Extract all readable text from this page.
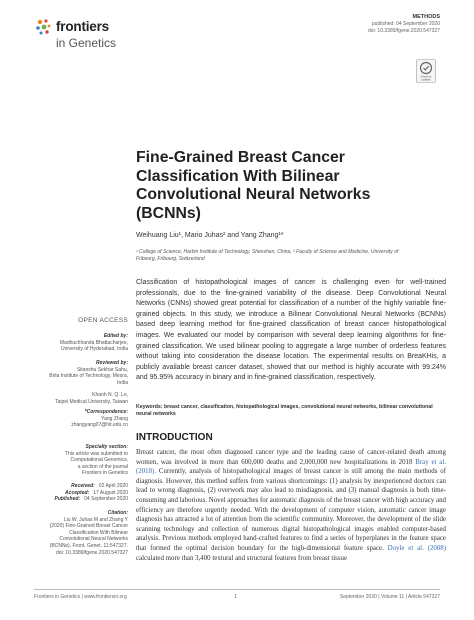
frontiers
in Genetics
METHODS
published: 04 September 2020
doi: 10.3389/fgene.2020.547327
Check for
updates
Fine-Grained Breast Cancer Classification With Bilinear Convolutional Neural Networks (BCNNs)
Weihuang Liu¹, Mario Juhas² and Yang Zhang¹*
¹ College of Science, Harbin Institute of Technology, Shenzhen, China, ² Faculty of Science and Medicine, University of Fribourg, Fribourg, Switzerland
OPEN ACCESS
Edited by:
Madhuchhanda Bhattacharjee,
University of Hyderabad, India
Reviewed by:
Sitanshu Sekhar Sahu,
Birla Institute of Technology, Mesra,
India
Khanh N. Q. Le,
Taipei Medical University, Taiwan
*Correspondence:
Yang Zhang
zhangyang07@hit.edu.cn
Specialty section:
This article was submitted to
Computational Genomics,
a section of the journal
Frontiers in Genetics
Received: 02 April 2020
Accepted: 17 August 2020
Published: 04 September 2020
Citation:
Liu W, Juhas M and Zhang Y
(2020) Fine-Grained Breast Cancer
Classification With Bilinear
Convolutional Neural Networks
(BCNNs). Front. Genet. 11:547327.
doi: 10.3389/fgene.2020.547327

Classification of histopathological images of cancer is challenging even for well-trained professionals, due to the fine-grained variability of the disease. Deep Convolutional Neural Networks (CNNs) showed great potential for classification of a number of the highly variable fine-grained objects. In this study, we introduce a Bilinear Convolutional Neural Networks (BCNNs) based deep learning method for fine-grained classification of breast cancer histopathological images. We evaluated our model by comparison with several deep learning algorithms for fine-grained classification. We used bilinear pooling to aggregate a large number of orderless features without taking into consideration the disease location. The experimental results on BreaKHis, a publicly available breast cancer dataset, showed that our method is highly accurate with 99.24% and 95.95% accuracy in binary and in fine-grained classification, respectively.

Keywords: breast cancer, classification, histopathological images, convolutional neural networks, bilinear convolutional neural networks

INTRODUCTION

Breast cancer, the most often diagnosed cancer type and the leading cause of cancer-related death among women, was involved in more than 600,000 deaths and 2,000,000 new hospitalizations in 2018 Bray et al. (2018). Currently, analysis of histopathological images of breast cancer is still among the main methods of diagnosis. However, this method suffers from various shortcomings: (1) analysis by inexperienced doctors can lead to wrong diagnosis, (2) overwork may also lead to misdiagnosis, and (3) manual diagnosis is both time-consuming and laborious. Novel approaches for automatic diagnosis of the breast cancer with high accuracy and efficiency are therefore urgently needed. With the development of computer vision, automatic cancer image diagnosis has attracted a lot of attention from the scientific community. Moreover, the development of the slide scanning technology and collection of numerous digital histopathological images enabled computer-based analysis. Previous methods employed hand-crafted features to find a series of hyperplanes in the feature space that formed the optimal decision boundary for the high-dimensional feature space. Doyle et al. (2008) calculated more than 3,400 textural and structural features from breast tissue

Frontiers in Genetics | www.frontiersin.org	1	September 2020 | Volume 11 | Article 547327
